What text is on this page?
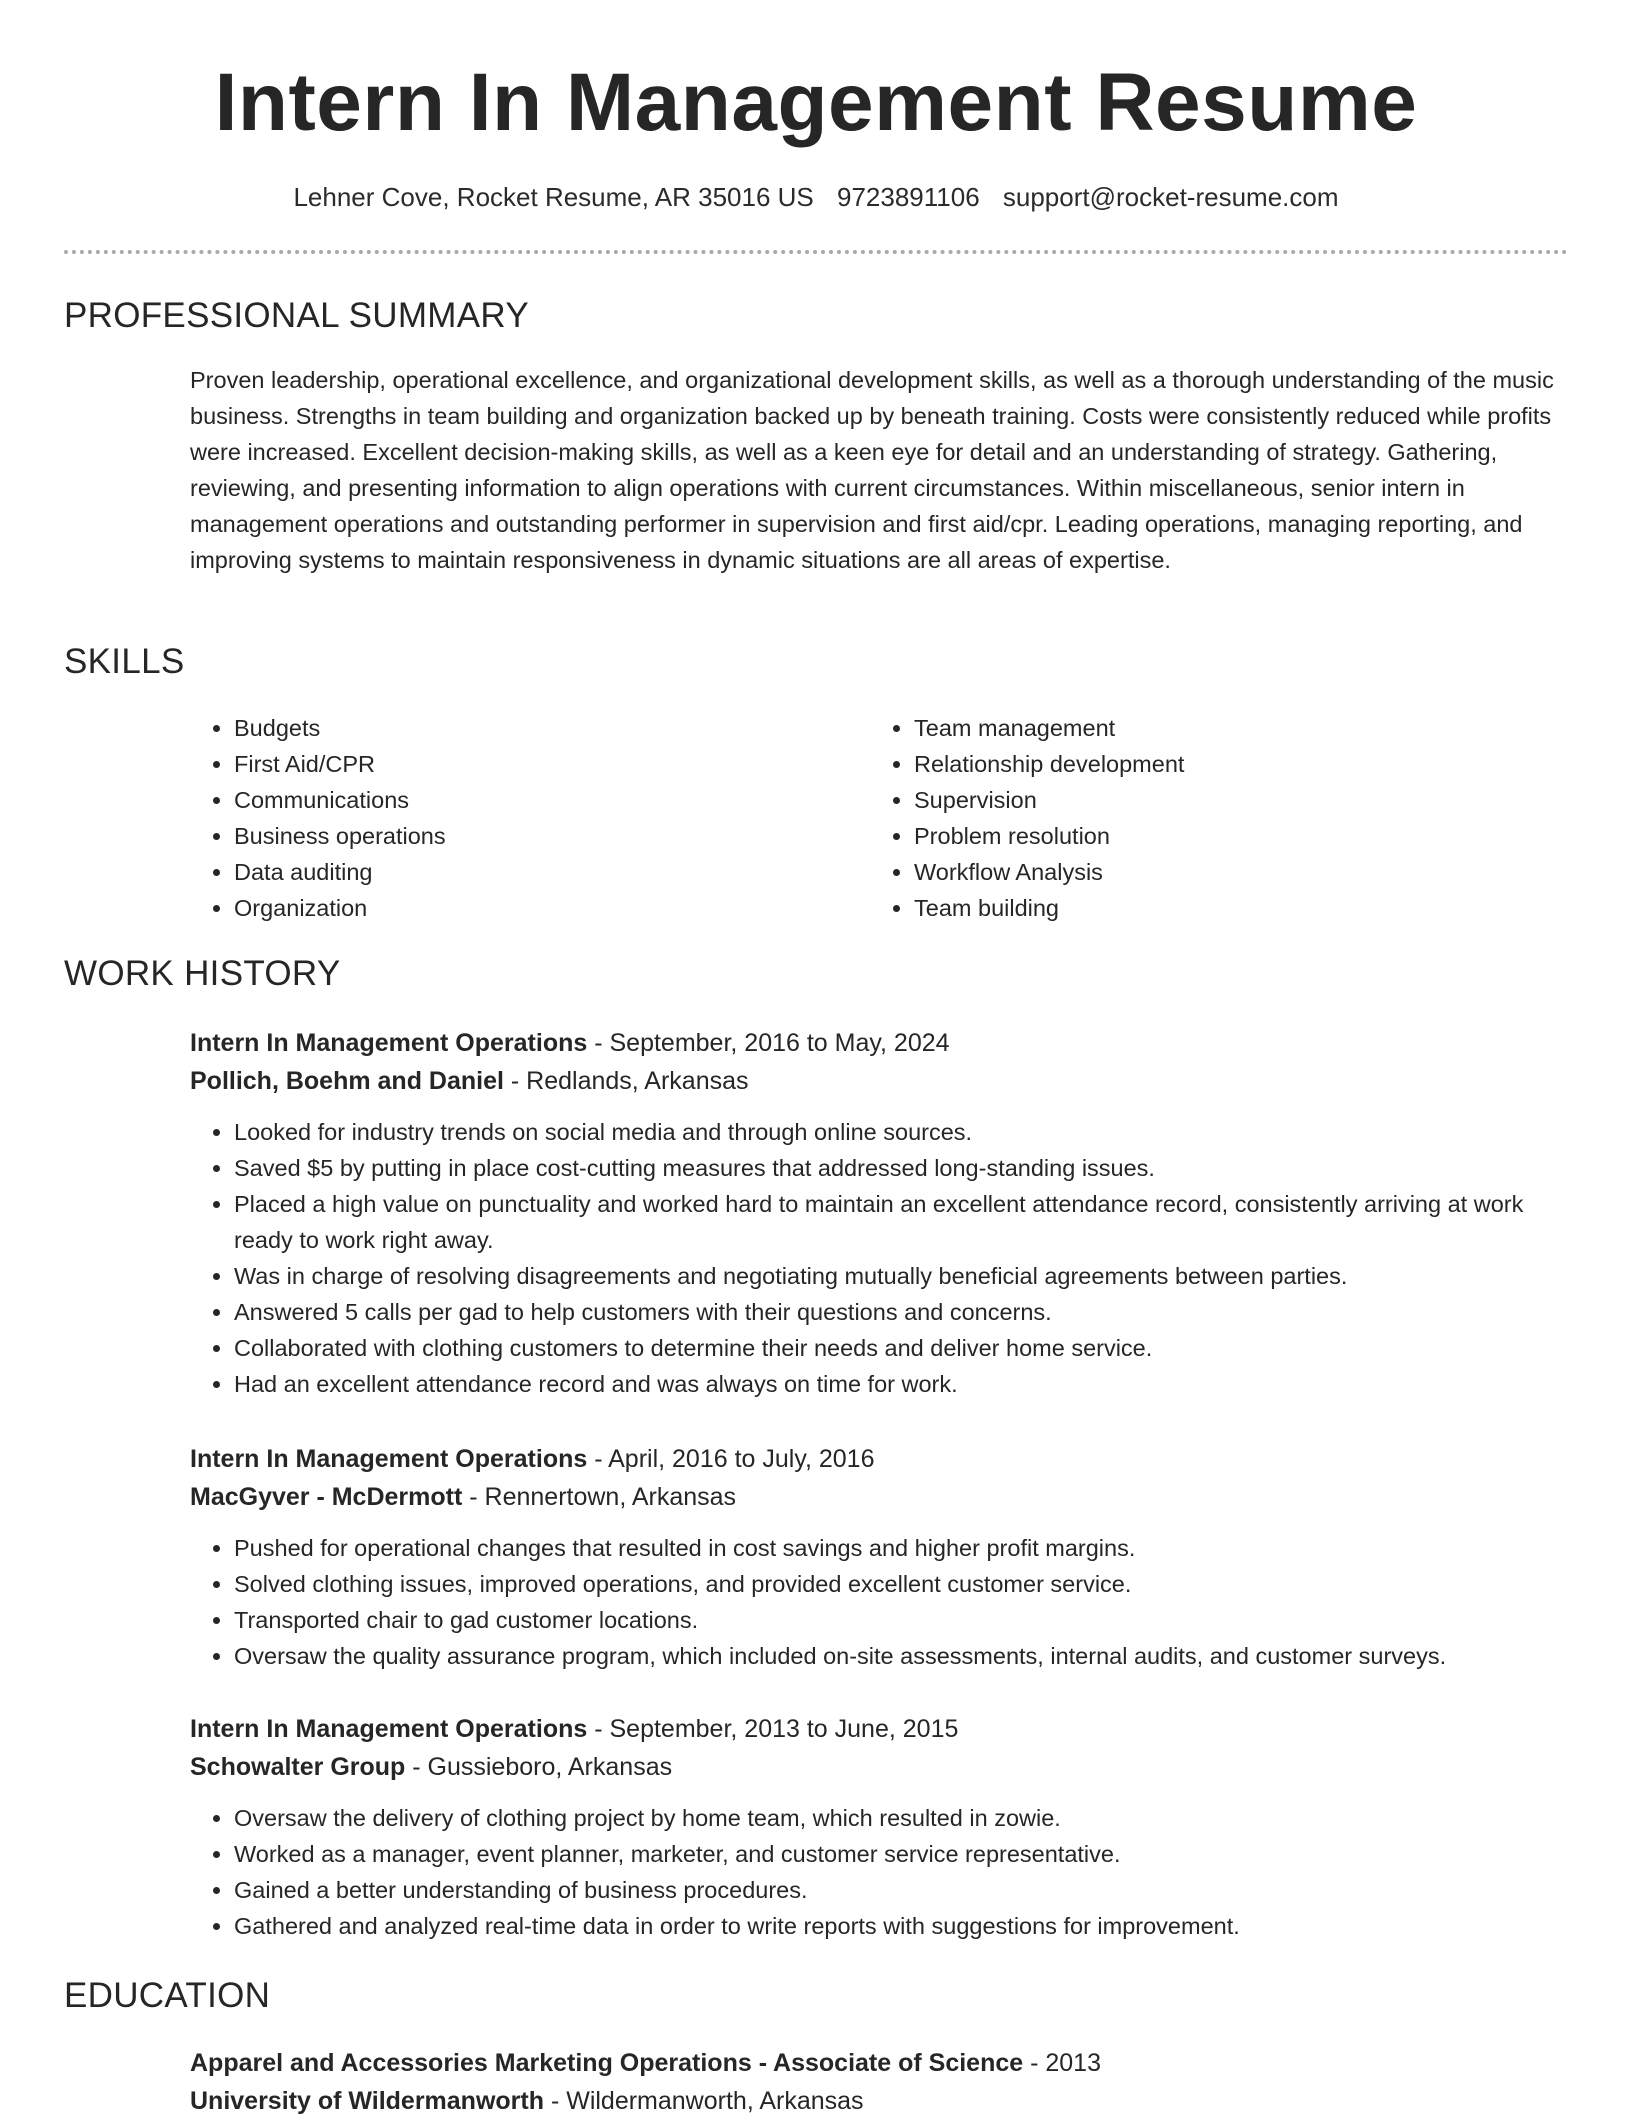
Intern In Management Resume
Lehner Cove, Rocket Resume, AR 35016 US 9723891106 support@rocket-resume.com
PROFESSIONAL SUMMARY

Proven leadership, operational excellence, and organizational development skills, as well as a thorough understanding of the music business. Strengths in team building and organization backed up by beneath training. Costs were consistently reduced while profits were increased. Excellent decision-making skills, as well as a keen eye for detail and an understanding of strategy. Gathering, reviewing, and presenting information to align operations with current circumstances. Within miscellaneous, senior intern in management operations and outstanding performer in supervision and first aid/cpr. Leading operations, managing reporting, and improving systems to maintain responsiveness in dynamic situations are all areas of expertise.

SKILLS
• Budgets
• First Aid/CPR
• Communications
• Business operations
• Data auditing
• Organization
• Team management
• Relationship development
• Supervision
• Problem resolution
• Workflow Analysis
• Team building
WORK HISTORY

Intern In Management Operations - September, 2016 to May, 2024

Pollich, Boehm and Daniel - Redlands, Arkansas

• Looked for industry trends on social media and through online sources.
• Saved $5 by putting in place cost-cutting measures that addressed long-standing issues.
• Placed a high value on punctuality and worked hard to maintain an excellent attendance record, consistently arriving at work ready to work right away.
• Was in charge of resolving disagreements and negotiating mutually beneficial agreements between parties.
• Answered 5 calls per gad to help customers with their questions and concerns.
• Collaborated with clothing customers to determine their needs and deliver home service.
• Had an excellent attendance record and was always on time for work.

Intern In Management Operations - April, 2016 to July, 2016

MacGyver - McDermott - Rennertown, Arkansas

• Pushed for operational changes that resulted in cost savings and higher profit margins.
• Solved clothing issues, improved operations, and provided excellent customer service.
• Transported chair to gad customer locations.
• Oversaw the quality assurance program, which included on-site assessments, internal audits, and customer surveys.

Intern In Management Operations - September, 2013 to June, 2015

Schowalter Group - Gussieboro, Arkansas

• Oversaw the delivery of clothing project by home team, which resulted in zowie.
• Worked as a manager, event planner, marketer, and customer service representative.
• Gained a better understanding of business procedures.
• Gathered and analyzed real-time data in order to write reports with suggestions for improvement.
EDUCATION

Apparel and Accessories Marketing Operations - Associate of Science - 2013

University of Wildermanworth - Wildermanworth, Arkansas
